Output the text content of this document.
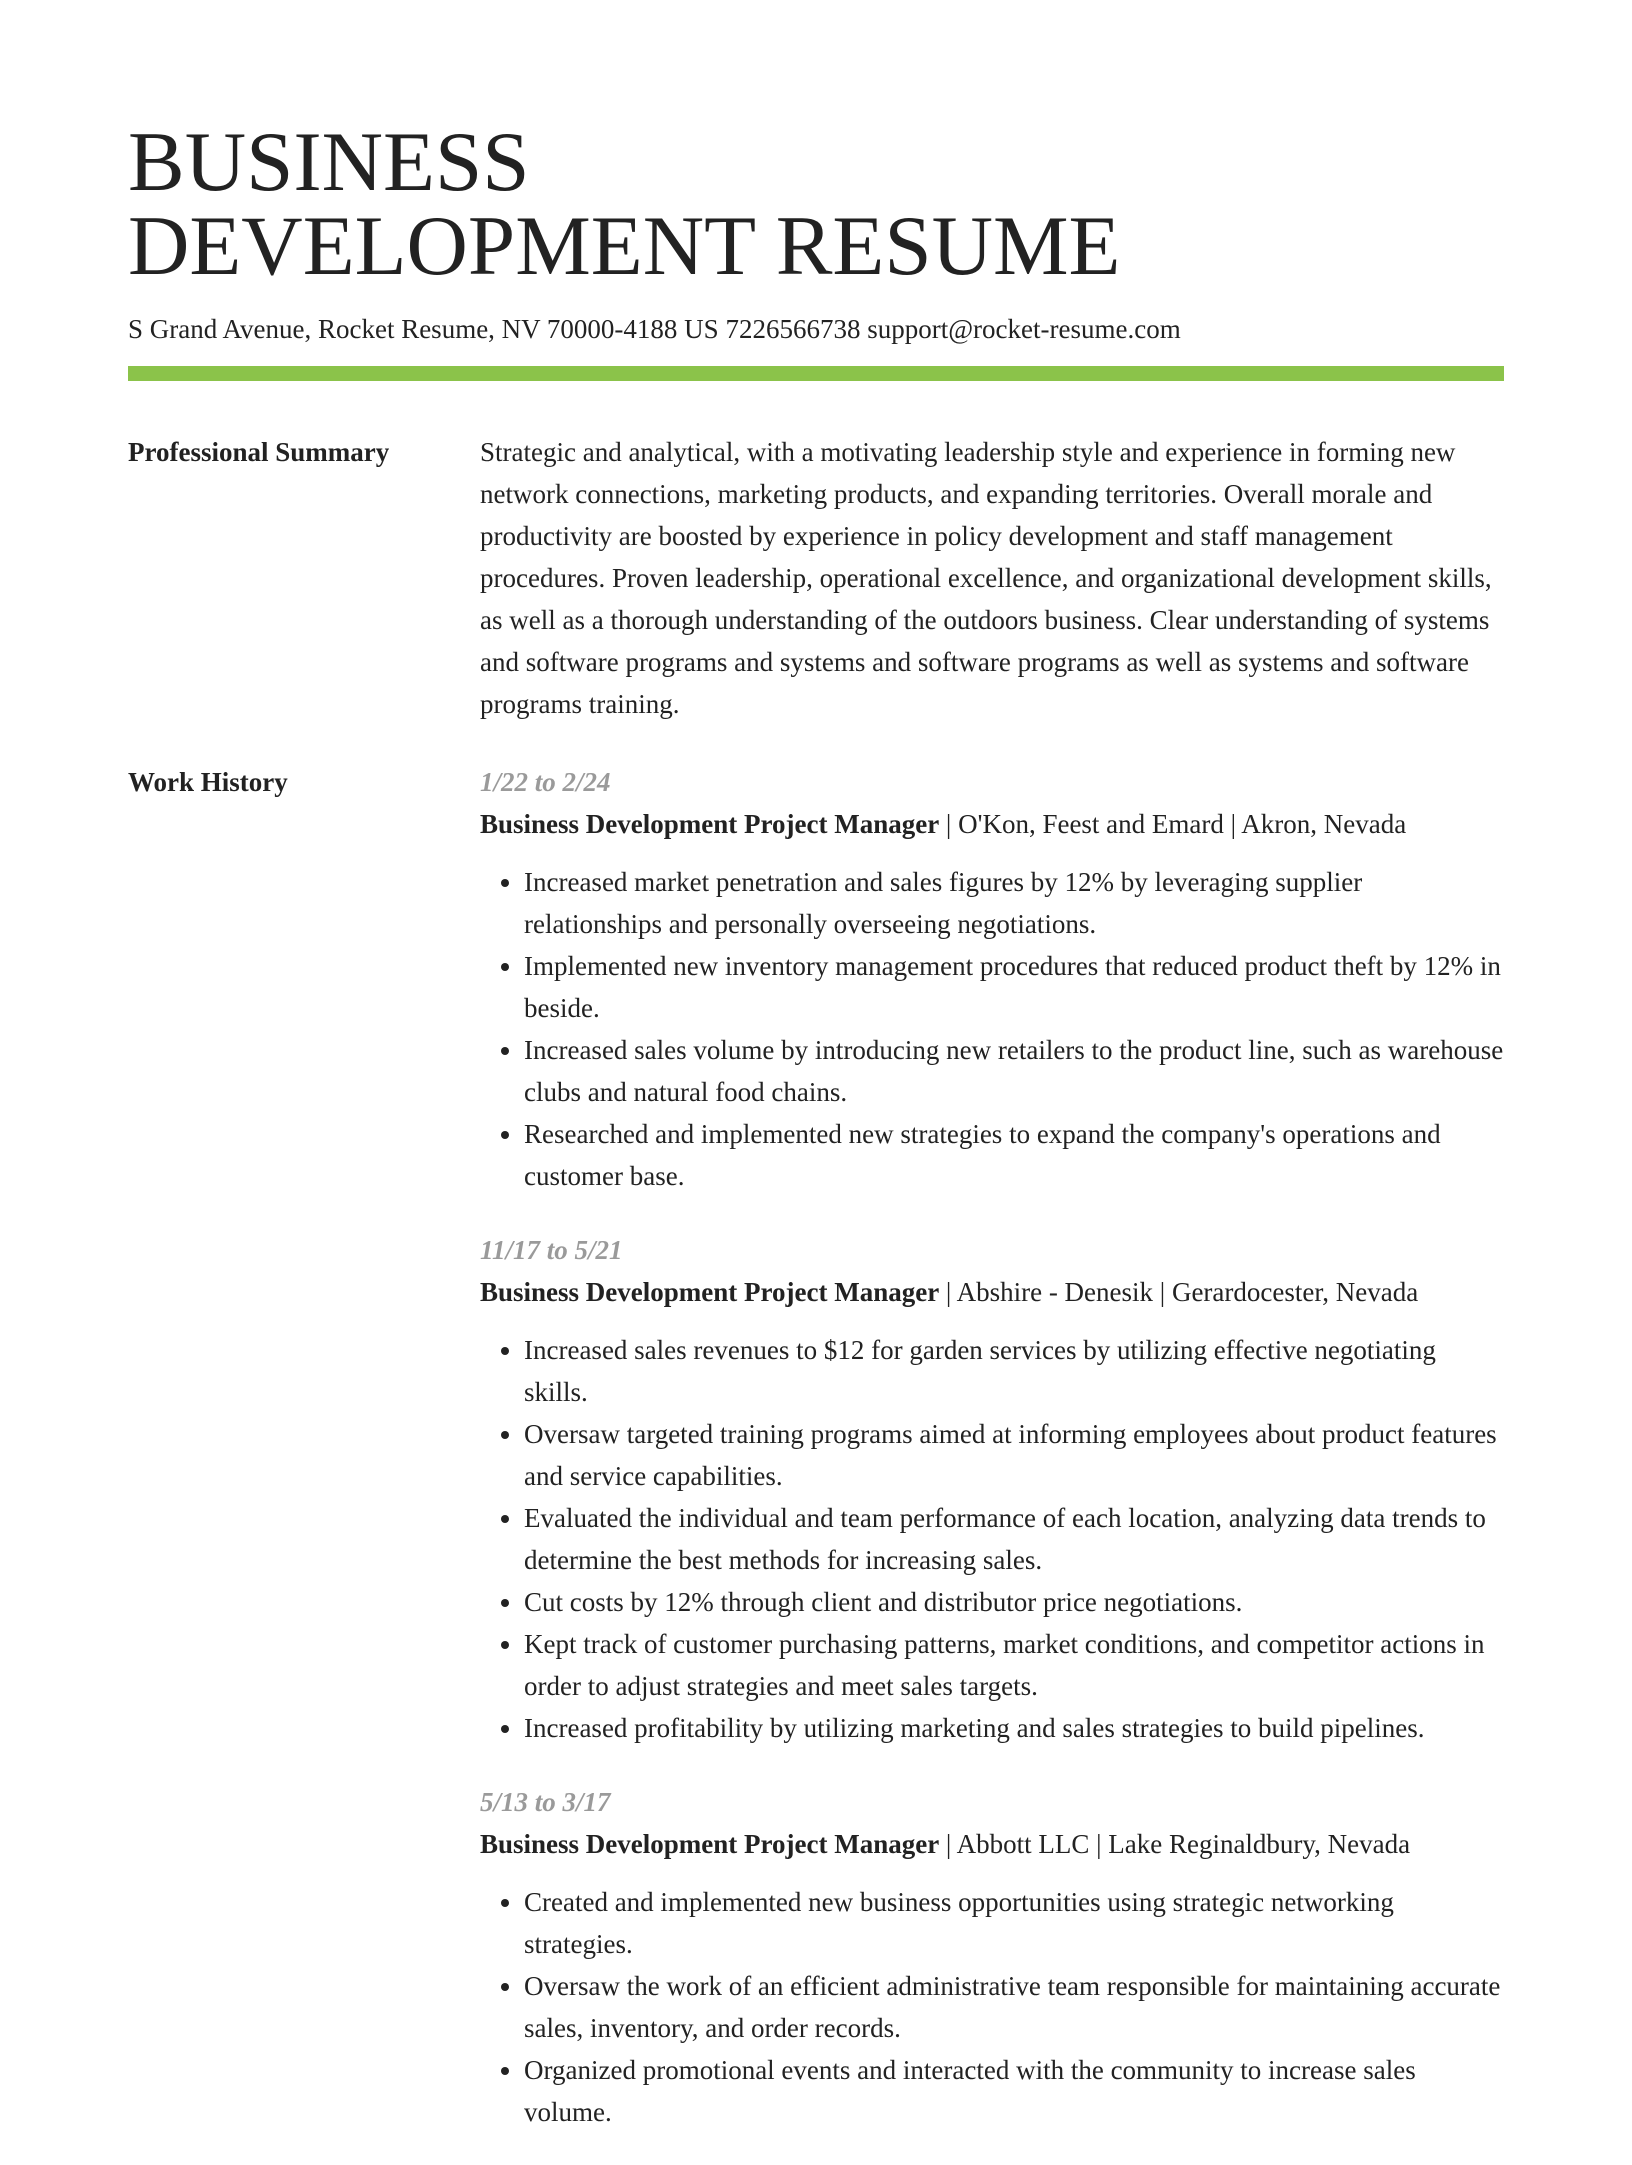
BUSINESS
DEVELOPMENT RESUME
S Grand Avenue, Rocket Resume, NV 70000-4188 US 7226566738 support@rocket-resume.com
Professional Summary	Strategic and analytical, with a motivating leadership style and experience in forming new network connections, marketing products, and expanding territories. Overall morale and productivity are boosted by experience in policy development and staff management procedures. Proven leadership, operational excellence, and organizational development skills, as well as a thorough understanding of the outdoors business. Clear understanding of systems and software programs and systems and software programs as well as systems and software programs training.
Work History	1/22 to 2/24
Business Development Project Manager | O'Kon, Feest and Emard | Akron, Nevada
• Increased market penetration and sales figures by 12% by leveraging supplier relationships and personally overseeing negotiations.
• Implemented new inventory management procedures that reduced product theft by 12% in beside.
• Increased sales volume by introducing new retailers to the product line, such as warehouse clubs and natural food chains.
• Researched and implemented new strategies to expand the company's operations and customer base.
11/17 to 5/21
Business Development Project Manager | Abshire - Denesik | Gerardocester, Nevada
• Increased sales revenues to $12 for garden services by utilizing effective negotiating skills.
• Oversaw targeted training programs aimed at informing employees about product features and service capabilities.
• Evaluated the individual and team performance of each location, analyzing data trends to determine the best methods for increasing sales.
• Cut costs by 12% through client and distributor price negotiations.
• Kept track of customer purchasing patterns, market conditions, and competitor actions in order to adjust strategies and meet sales targets.
• Increased profitability by utilizing marketing and sales strategies to build pipelines.
5/13 to 3/17
Business Development Project Manager | Abbott LLC | Lake Reginaldbury, Nevada
• Created and implemented new business opportunities using strategic networking strategies.
• Oversaw the work of an efficient administrative team responsible for maintaining accurate sales, inventory, and order records.
• Organized promotional events and interacted with the community to increase sales volume.
